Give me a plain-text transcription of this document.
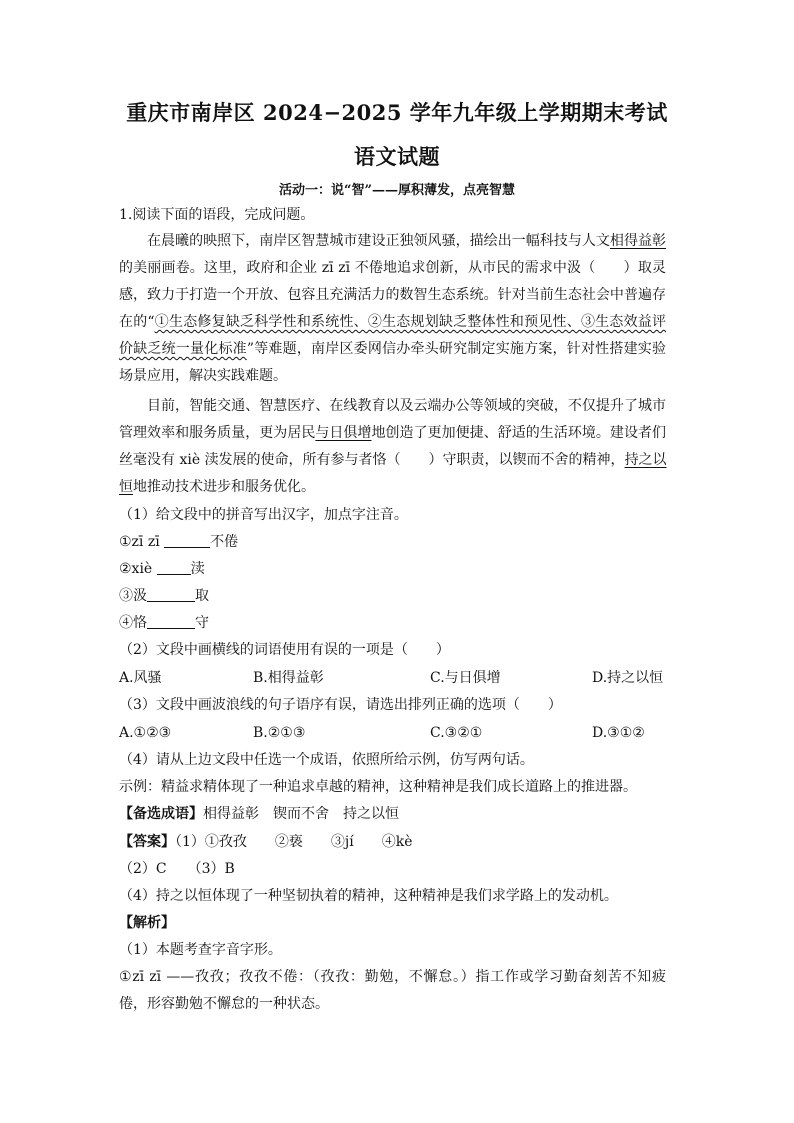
重庆市南岸区 2024−2025 学年九年级上学期期末考试
语文试题
活动一：说“智”——厚积薄发，点亮智慧
1.阅读下面的语段，完成问题。
在晨曦的映照下，南岸区智慧城市建设正独领风骚，描绘出一幅科技与人文相得益彰
的美丽画卷。这里，政府和企业 zī zī 不倦地追求创新，从市民的需求中汲（　　）取灵
感，致力于打造一个开放、包容且充满活力的数智生态系统。针对当前生态社会中普遍存
在的“①生态修复缺乏科学性和系统性、②生态规划缺乏整体性和预见性、③生态效益评
价缺乏统一量化标准”等难题，南岸区委网信办牵头研究制定实施方案，针对性搭建实验
场景应用，解决实践难题。
目前，智能交通、智慧医疗、在线教育以及云端办公等领域的突破，不仅提升了城市
管理效率和服务质量，更为居民与日俱增地创造了更加便捷、舒适的生活环境。建设者们
丝毫没有 xiè 渎发展的使命，所有参与者恪（　　）守职责，以锲而不舍的精神，持之以
恒地推动技术进步和服务优化。
（1）给文段中的拼音写出汉字，加点字注音。
①zī zī	不倦
②xiè	渎
③汲	取
④恪	守
（2）文段中画横线的词语使用有误的一项是（　　）
A.风骚	B.相得益彰	C.与日俱增	D.持之以恒
（3）文段中画波浪线的句子语序有误，请选出排列正确的选项（　　）
A.①②③	B.②①③	C.③②①	D.③①②
（4）请从上边文段中任选一个成语，依照所给示例，仿写两句话。
示例：精益求精体现了一种追求卓越的精神，这种精神是我们成长道路上的推进器。
【备选成语】相得益彰　锲而不舍　持之以恒
【答案】（1）①孜孜　　②亵　　③jí　　④kè
（2）C　　（3）B
（4）持之以恒体现了一种坚韧执着的精神，这种精神是我们求学路上的发动机。
【解析】
（1）本题考查字音字形。
①zī zī ——孜孜；孜孜不倦：（孜孜：勤勉，不懈怠。）指工作或学习勤奋刻苦不知疲
倦，形容勤勉不懈怠的一种状态。
